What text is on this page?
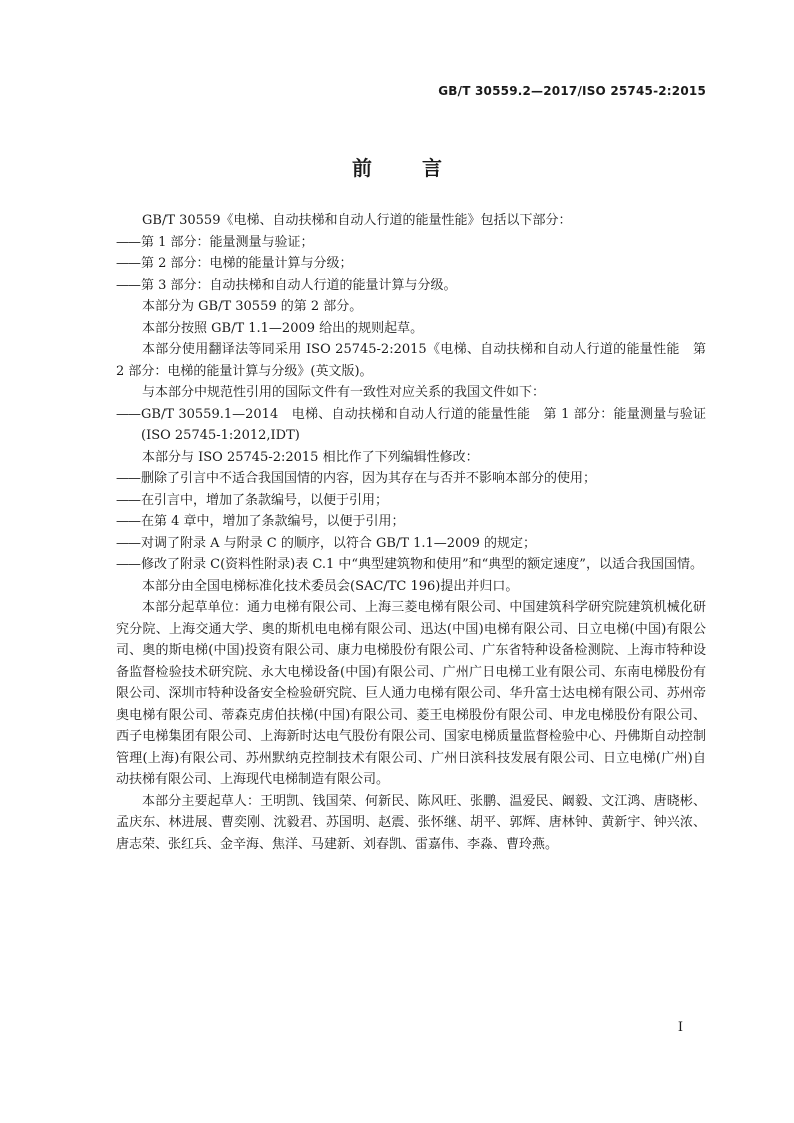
GB/T 30559.2—2017/ISO 25745-2:2015
前	言

GB/T 30559《电梯、自动扶梯和自动人行道的能量性能》包括以下部分：

—— 第 1 部分：能量测量与验证；
—— 第 2 部分：电梯的能量计算与分级；
—— 第 3 部分：自动扶梯和自动人行道的能量计算与分级。

本部分为 GB/T 30559 的第 2 部分。

本部分按照 GB/T 1.1—2009 给出的规则起草。

本部分使用翻译法等同采用 ISO 25745-2:2015《电梯、自动扶梯和自动人行道的能量性能　第 2 部分：电梯的能量计算与分级》(英文版)。

与本部分中规范性引用的国际文件有一致性对应关系的我国文件如下：

—— GB/T 30559.1—2014　电梯、自动扶梯和自动人行道的能量性能　第 1 部分：能量测量与验证(ISO 25745-1:2012,IDT)

本部分与 ISO 25745-2:2015 相比作了下列编辑性修改：

—— 删除了引言中不适合我国国情的内容，因为其存在与否并不影响本部分的使用；
—— 在引言中，增加了条款编号，以便于引用；
—— 在第 4 章中，增加了条款编号，以便于引用；
—— 对调了附录 A 与附录 C 的顺序，以符合 GB/T 1.1—2009 的规定；
—— 修改了附录 C(资料性附录)表 C.1 中“典型建筑物和使用”和“典型的额定速度”，以适合我国国情。

本部分由全国电梯标准化技术委员会(SAC/TC 196)提出并归口。

本部分起草单位：通力电梯有限公司、上海三菱电梯有限公司、中国建筑科学研究院建筑机械化研究分院、上海交通大学、奥的斯机电电梯有限公司、迅达(中国)电梯有限公司、日立电梯(中国)有限公司、奥的斯电梯(中国)投资有限公司、康力电梯股份有限公司、广东省特种设备检测院、上海市特种设备监督检验技术研究院、永大电梯设备(中国)有限公司、广州广日电梯工业有限公司、东南电梯股份有限公司、深圳市特种设备安全检验研究院、巨人通力电梯有限公司、华升富士达电梯有限公司、苏州帝奥电梯有限公司、蒂森克虏伯扶梯(中国)有限公司、菱王电梯股份有限公司、申龙电梯股份有限公司、西子电梯集团有限公司、上海新时达电气股份有限公司、国家电梯质量监督检验中心、丹佛斯自动控制管理(上海)有限公司、苏州默纳克控制技术有限公司、广州日滨科技发展有限公司、日立电梯(广州)自动扶梯有限公司、上海现代电梯制造有限公司。

本部分主要起草人：王明凯、钱国荣、何新民、陈风旺、张鹏、温爱民、阚毅、文江鸿、唐晓彬、孟庆东、林进展、曹奕刚、沈毅君、苏国明、赵震、张怀继、胡平、郭辉、唐林钟、黄新宇、钟兴浓、唐志荣、张红兵、金辛海、焦洋、马建新、刘春凯、雷嘉伟、李淼、曹玲燕。

I
